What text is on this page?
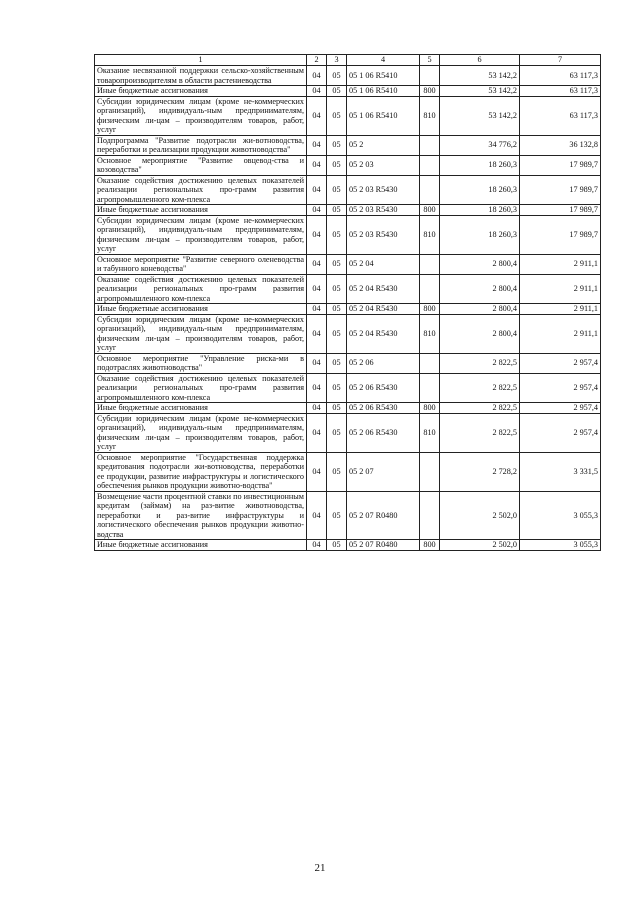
1	2	3	4	5	6	7
Оказание несвязанной поддержки сельско-хозяйственным товаропроизводителям в области растениеводства	04	05	05 1 06 R5410		53 142,2	63 117,3
Иные бюджетные ассигнования	04	05	05 1 06 R5410	800	53 142,2	63 117,3
Субсидии юридическим лицам (кроме не-коммерческих организаций), индивидуаль-ным предпринимателям, физическим ли-цам – производителям товаров, работ, услуг	04	05	05 1 06 R5410	810	53 142,2	63 117,3
Подпрограмма "Развитие подотрасли жи-вотноводства, переработки и реализации продукции животноводства"	04	05	05 2		34 776,2	36 132,8
Основное мероприятие "Развитие овцевод-ства и козоводства"	04	05	05 2 03		18 260,3	17 989,7
Оказание содействия достижению целевых показателей реализации региональных про-грамм развития агропромышленного ком-плекса	04	05	05 2 03 R5430		18 260,3	17 989,7
Иные бюджетные ассигнования	04	05	05 2 03 R5430	800	18 260,3	17 989,7
Субсидии юридическим лицам (кроме не-коммерческих организаций), индивидуаль-ным предпринимателям, физическим ли-цам – производителям товаров, работ, услуг	04	05	05 2 03 R5430	810	18 260,3	17 989,7
Основное мероприятие "Развитие северного оленеводства и табунного коневодства"	04	05	05 2 04		2 800,4	2 911,1
Оказание содействия достижению целевых показателей реализации региональных про-грамм развития агропромышленного ком-плекса	04	05	05 2 04 R5430		2 800,4	2 911,1
Иные бюджетные ассигнования	04	05	05 2 04 R5430	800	2 800,4	2 911,1
Субсидии юридическим лицам (кроме не-коммерческих организаций), индивидуаль-ным предпринимателям, физическим ли-цам – производителям товаров, работ, услуг	04	05	05 2 04 R5430	810	2 800,4	2 911,1
Основное мероприятие "Управление риска-ми в подотраслях животноводства"	04	05	05 2 06		2 822,5	2 957,4
Оказание содействия достижению целевых показателей реализации региональных про-грамм развития агропромышленного ком-плекса	04	05	05 2 06 R5430		2 822,5	2 957,4
Иные бюджетные ассигнования	04	05	05 2 06 R5430	800	2 822,5	2 957,4
Субсидии юридическим лицам (кроме не-коммерческих организаций), индивидуаль-ным предпринимателям, физическим ли-цам – производителям товаров, работ, услуг	04	05	05 2 06 R5430	810	2 822,5	2 957,4
Основное мероприятие "Государственная поддержка кредитования подотрасли жи-вотноводства, переработки ее продукции, развитие инфраструктуры и логистического обеспечения рынков продукции животно-водства"	04	05	05 2 07		2 728,2	3 331,5
Возмещение части процентной ставки по инвестиционным кредитам (займам) на раз-витие животноводства, переработки и раз-витие инфраструктуры и логистического обеспечения рынков продукции животно-водства	04	05	05 2 07 R0480		2 502,0	3 055,3
Иные бюджетные ассигнования	04	05	05 2 07 R0480	800	2 502,0	3 055,3
21
